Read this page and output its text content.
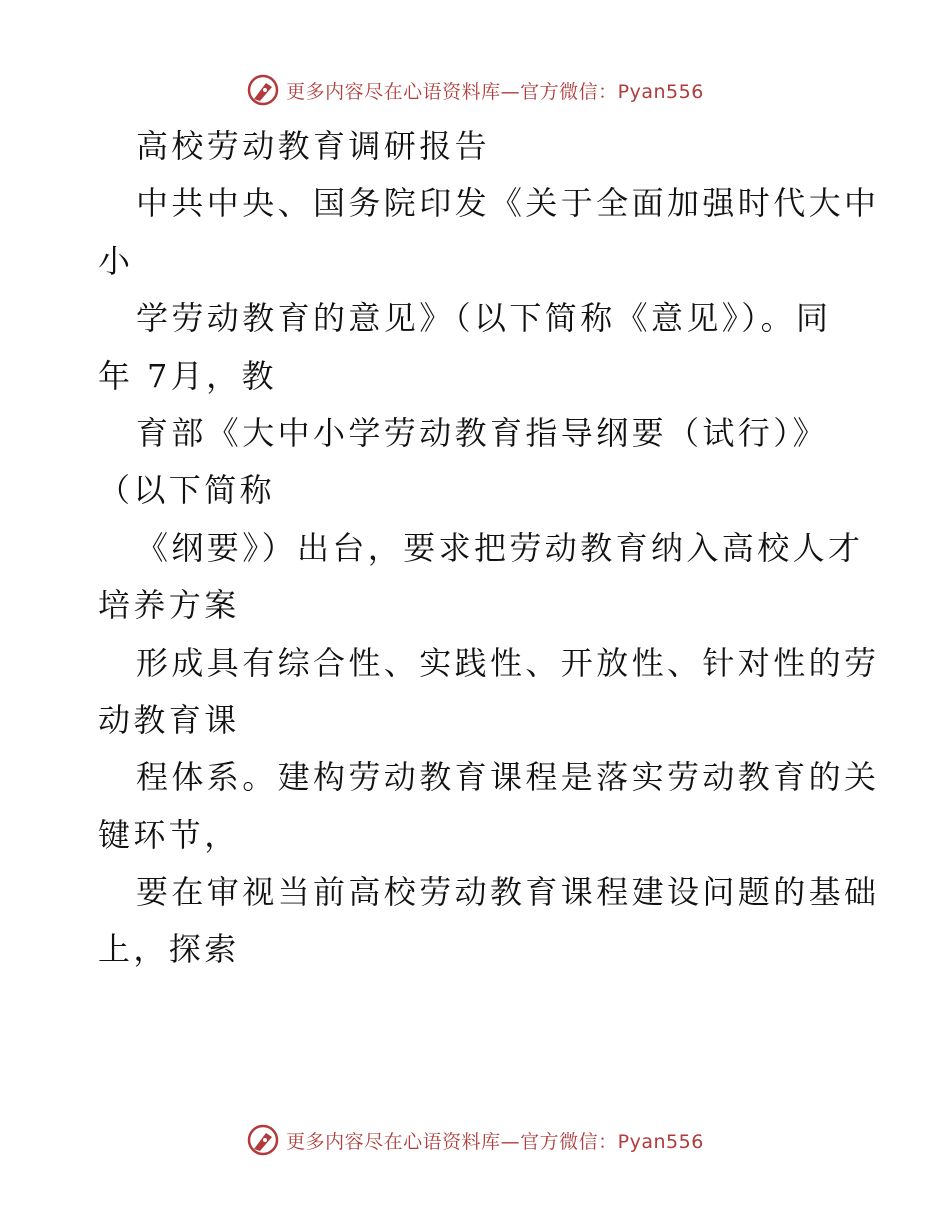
更多内容尽在心语资料库—官方微信：Pyan556
高校劳动教育调研报告
中共中央、国务院印发《关于全面加强时代大中
小
学劳动教育的意见》（以下简称《意见》）。同
年 7月，教
育部《大中小学劳动教育指导纲要（试行）》
（以下简称
《纲要》）出台，要求把劳动教育纳入高校人才
培养方案
形成具有综合性、实践性、开放性、针对性的劳
动教育课
程体系。建构劳动教育课程是落实劳动教育的关
键环节，
要在审视当前高校劳动教育课程建设问题的基础
上，探索
更多内容尽在心语资料库—官方微信：Pyan556
